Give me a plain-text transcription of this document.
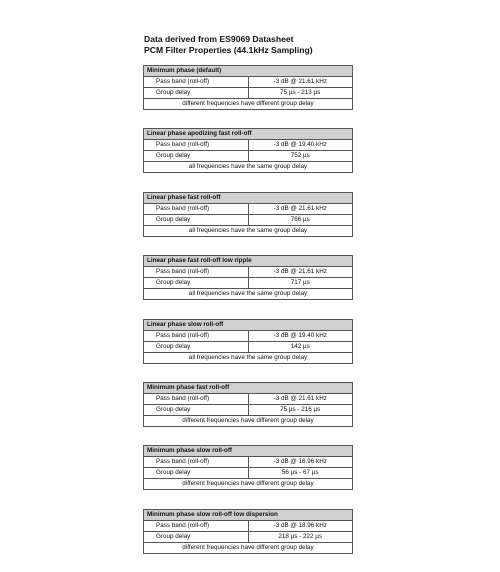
Data derived from ES9069 Datasheet
PCM Filter Properties (44.1kHz Sampling)
Minimum phase (default)	
Pass band (roll-off)	-3 dB @ 21.61 kHz
Group delay	75 µs - 213 µs
different frequencies have different group delay	
Linear phase apodizing fast roll-off	
Pass band (roll-off)	-3 dB @ 19.40 kHz
Group delay	752 µs
all frequencies have the same group delay	
Linear phase fast roll-off	
Pass band (roll-off)	-3 dB @ 21.61 kHz
Group delay	766 µs
all frequencies have the same group delay	
Linear phase fast roll-off low ripple	
Pass band (roll-off)	-3 dB @ 21.61 kHz
Group delay	717 µs
all frequencies have the same group delay	
Linear phase slow roll-off	
Pass band (roll-off)	-3 dB @ 19.40 kHz
Group delay	142 µs
all frequencies have the same group delay	
Minimum phase fast roll-off	
Pass band (roll-off)	-3 dB @ 21.61 kHz
Group delay	75 µs - 216 µs
different frequencies have different group delay	
Minimum phase slow roll-off	
Pass band (roll-off)	-3 dB @ 16.96 kHz
Group delay	56 µs - 67 µs
different frequencies have different group delay	
Minimum phase slow roll-off low dispersion	
Pass band (roll-off)	-3 dB @ 18.96 kHz
Group delay	218 µs - 222 µs
different frequencies have different group delay	
